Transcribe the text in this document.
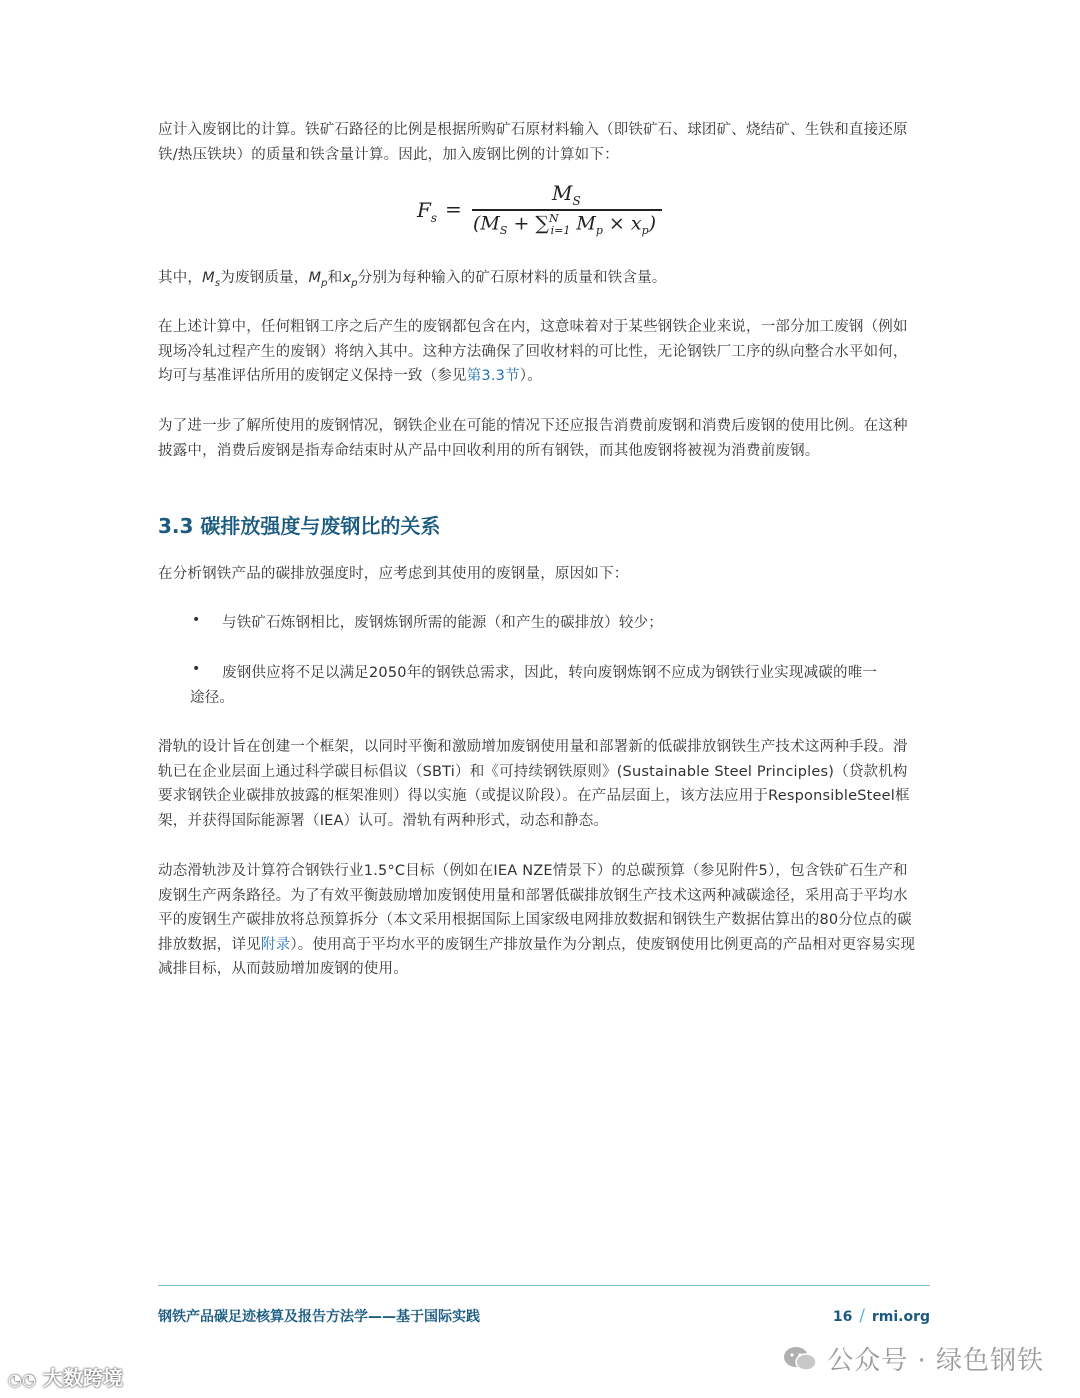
应计入废钢比的计算。铁矿石路径的比例是根据所购矿石原材料输入（即铁矿石、球团矿、烧结矿、生铁和直接还原铁/热压铁块）的质量和铁含量计算。因此，加入废钢比例的计算如下：

$F_s$ =
$M_S$
($M_S + \sum^N_{i=1}$ $M_p \times x_p$)

其中，$M_s$为废钢质量，$M_p$和$x_p$分别为每种输入的矿石原材料的质量和铁含量。

在上述计算中，任何粗钢工序之后产生的废钢都包含在内，这意味着对于某些钢铁企业来说，一部分加工废钢（例如现场冷轧过程产生的废钢）将纳入其中。这种方法确保了回收材料的可比性，无论钢铁厂工序的纵向整合水平如何，均可与基准评估所用的废钢定义保持一致（参见第3.3节）。

为了进一步了解所使用的废钢情况，钢铁企业在可能的情况下还应报告消费前废钢和消费后废钢的使用比例。在这种披露中，消费后废钢是指寿命结束时从产品中回收利用的所有钢铁，而其他废钢将被视为消费前废钢。

3.3 碳排放强度与废钢比的关系

在分析钢铁产品的碳排放强度时，应考虑到其使用的废钢量，原因如下：

• 与铁矿石炼钢相比，废钢炼钢所需的能源（和产生的碳排放）较少；

•	废钢供应将不足以满足2050年的钢铁总需求，因此，转向废钢炼钢不应成为钢铁行业实现减碳的唯一途径。

滑轨的设计旨在创建一个框架，以同时平衡和激励增加废钢使用量和部署新的低碳排放钢铁生产技术这两种手段。滑轨已在企业层面上通过科学碳目标倡议（SBTi）和《可持续钢铁原则》(Sustainable Steel Principles)（贷款机构要求钢铁企业碳排放披露的框架准则）得以实施（或提议阶段）。在产品层面上，该方法应用于ResponsibleSteel框架，并获得国际能源署（IEA）认可。滑轨有两种形式，动态和静态。

动态滑轨涉及计算符合钢铁行业1.5°C目标（例如在IEA NZE情景下）的总碳预算（参见附件5），包含铁矿石生产和废钢生产两条路径。为了有效平衡鼓励增加废钢使用量和部署低碳排放钢生产技术这两种减碳途径，采用高于平均水平的废钢生产碳排放将总预算拆分（本文采用根据国际上国家级电网排放数据和钢铁生产数据估算出的80分位点的碳排放数据，详见附录）。使用高于平均水平的废钢生产排放量作为分割点，使废钢使用比例更高的产品相对更容易实现减排目标，从而鼓励增加废钢的使用。

钢铁产品碳足迹核算及报告方法学——基于国际实践	16 / rmi.org
公众号 · 绿色钢铁
◔◔ 大数跨境
